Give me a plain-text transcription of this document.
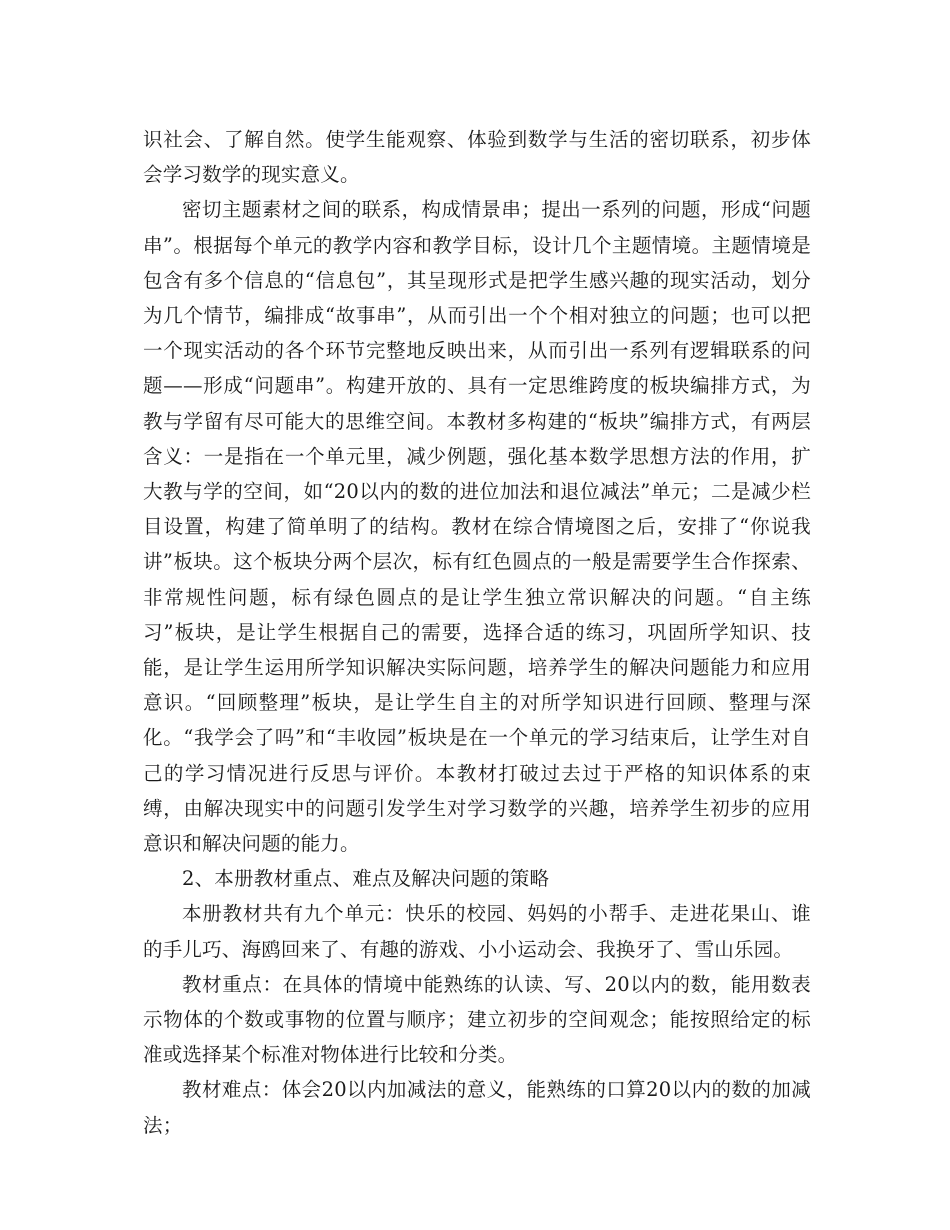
识社会、了解自然。使学生能观察、体验到数学与生活的密切联系，初步体会学习数学的现实意义。

密切主题素材之间的联系，构成情景串；提出一系列的问题，形成“问题串”。根据每个单元的教学内容和教学目标，设计几个主题情境。主题情境是包含有多个信息的“信息包”，其呈现形式是把学生感兴趣的现实活动，划分为几个情节，编排成“故事串”，从而引出一个个相对独立的问题；也可以把一个现实活动的各个环节完整地反映出来，从而引出一系列有逻辑联系的问题——形成“问题串”。构建开放的、具有一定思维跨度的板块编排方式，为教与学留有尽可能大的思维空间。本教材多构建的“板块”编排方式，有两层含义：一是指在一个单元里，减少例题，强化基本数学思想方法的作用，扩大教与学的空间，如“20以内的数的进位加法和退位减法”单元；二是减少栏目设置，构建了简单明了的结构。教材在综合情境图之后，安排了“你说我讲”板块。这个板块分两个层次，标有红色圆点的一般是需要学生合作探索、非常规性问题，标有绿色圆点的是让学生独立常识解决的问题。“自主练习”板块，是让学生根据自己的需要，选择合适的练习，巩固所学知识、技能，是让学生运用所学知识解决实际问题，培养学生的解决问题能力和应用意识。“回顾整理”板块，是让学生自主的对所学知识进行回顾、整理与深化。“我学会了吗”和“丰收园”板块是在一个单元的学习结束后，让学生对自己的学习情况进行反思与评价。本教材打破过去过于严格的知识体系的束缚，由解决现实中的问题引发学生对学习数学的兴趣，培养学生初步的应用意识和解决问题的能力。

2、本册教材重点、难点及解决问题的策略

本册教材共有九个单元：快乐的校园、妈妈的小帮手、走进花果山、谁的手儿巧、海鸥回来了、有趣的游戏、小小运动会、我换牙了、雪山乐园。

教材重点：在具体的情境中能熟练的认读、写、20以内的数，能用数表示物体的个数或事物的位置与顺序；建立初步的空间观念；能按照给定的标准或选择某个标准对物体进行比较和分类。

教材难点：体会20以内加减法的意义，能熟练的口算20以内的数的加减法；
